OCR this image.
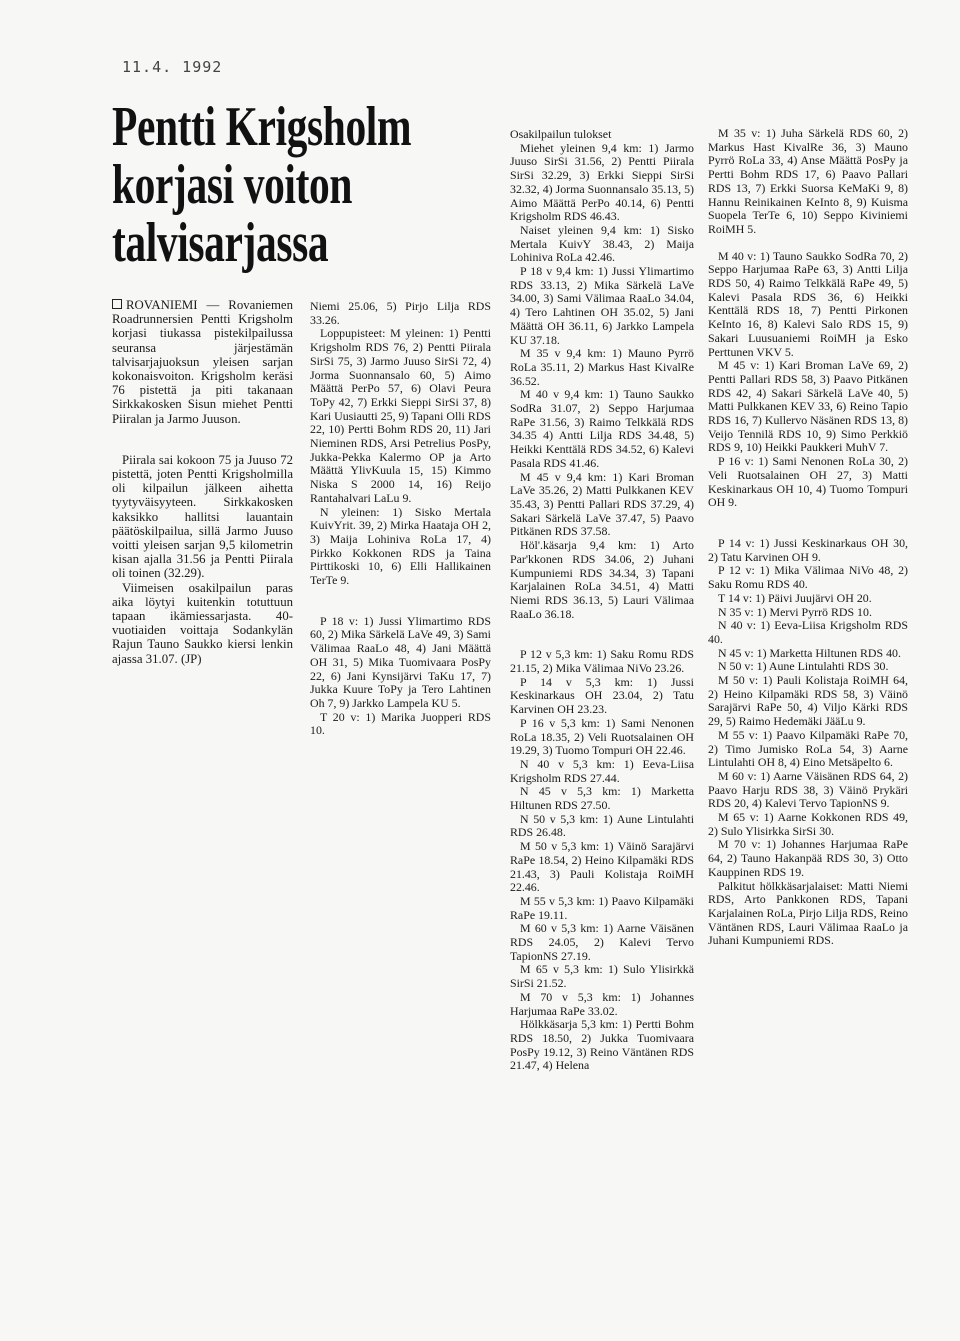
11.4. 1992
Pentti Krigsholm
korjasi voiton
talvisarjassa

ROVANIEMI — Rovaniemen Roadrunnersien Pentti Krigsholm korjasi tiukassa pistekilpailussa seuransa järjestämän talvisarjajuoksun yleisen sarjan kokonaisvoiton. Krigsholm keräsi 76 pistettä ja piti takanaan Sirkkakosken Sisun miehet Pentti Piiralan ja Jarmo Juuson.

Piirala sai kokoon 75 ja Juuso 72 pistettä, joten Pentti Krigsholmilla oli kilpailun jälkeen aihetta tyytyväisyyteen. Sirkkakosken kaksikko hallitsi lauantain päätöskilpailua, sillä Jarmo Juuso voitti yleisen sarjan 9,5 kilometrin kisan ajalla 31.56 ja Pentti Piirala oli toinen (32.29).

Viimeisen osakilpailun paras aika löytyi kuitenkin totuttuun tapaan ikämiessarjasta. 40-vuotiaiden voittaja Sodankylän Rajun Tauno Saukko kiersi lenkin ajassa 31.07. (JP)

Niemi 25.06, 5) Pirjo Lilja RDS 33.26.

Loppupisteet: M yleinen: 1) Pentti Krigsholm RDS 76, 2) Pentti Piirala SirSi 75, 3) Jarmo Juuso SirSi 72, 4) Jorma Suonnansalo 60, 5) Aimo Määttä PerPo 57, 6) Olavi Peura ToPy 42, 7) Erkki Sieppi SirSi 37, 8) Kari Uusiautti 25, 9) Tapani Olli RDS 22, 10) Pertti Bohm RDS 20, 11) Jari Nieminen RDS, Arsi Petrelius PosPy, Jukka-Pekka Kalermo OP ja Arto Määttä YlivKuula 15, 15) Kimmo Niska S 2000 14, 16) Reijo Rantahalvari LaLu 9.

N yleinen: 1) Sisko Mertala KuivYrit. 39, 2) Mirka Haataja OH 2, 3) Maija Lohiniva RoLa 17, 4) Pirkko Kokkonen RDS ja Taina Pirttikoski 10, 6) Elli Hallikainen TerTe 9.

P 18 v: 1) Jussi Ylimartimo RDS 60, 2) Mika Särkelä LaVe 49, 3) Sami Välimaa RaaLo 48, 4) Jani Määttä OH 31, 5) Mika Tuomivaara PosPy 22, 6) Jani Kynsijärvi TaKu 17, 7) Jukka Kuure ToPy ja Tero Lahtinen Oh 7, 9) Jarkko Lampela KU 5.

T 20 v: 1) Marika Juopperi RDS 10.

Osakilpailun tulokset

Miehet yleinen 9,4 km: 1) Jarmo Juuso SirSi 31.56, 2) Pentti Piirala SirSi 32.29, 3) Erkki Sieppi SirSi 32.32, 4) Jorma Suonnansalo 35.13, 5) Aimo Määttä PerPo 40.14, 6) Pentti Krigsholm RDS 46.43.

Naiset yleinen 9,4 km: 1) Sisko Mertala KuivY 38.43, 2) Maija Lohiniva RoLa 42.46.

P 18 v 9,4 km: 1) Jussi Ylimartimo RDS 33.13, 2) Mika Särkelä LaVe 34.00, 3) Sami Välimaa RaaLo 34.04, 4) Tero Lahtinen OH 35.02, 5) Jani Määttä OH 36.11, 6) Jarkko Lampela KU 37.18.

M 35 v 9,4 km: 1) Mauno Pyrrö RoLa 35.11, 2) Markus Hast KivalRe 36.52.

M 40 v 9,4 km: 1) Tauno Saukko SodRa 31.07, 2) Seppo Harjumaa RaPe 31.56, 3) Raimo Telkkälä RDS 34.35 4) Antti Lilja RDS 34.48, 5) Heikki Kenttälä RDS 34.52, 6) Kalevi Pasala RDS 41.46.

M 45 v 9,4 km: 1) Kari Broman LaVe 35.26, 2) Matti Pulkkanen KEV 35.43, 3) Pentti Pallari RDS 37.29, 4) Sakari Särkelä LaVe 37.47, 5) Paavo Pitkänen RDS 37.58.

Höl'.käsarja 9,4 km: 1) Arto Par'kkonen RDS 34.06, 2) Juhani Kumpuniemi RDS 34.34, 3) Tapani Karjalainen RoLa 34.51, 4) Matti Niemi RDS 36.13, 5) Lauri Välimaa RaaLo 36.18.

P 12 v 5,3 km: 1) Saku Romu RDS 21.15, 2) Mika Välimaa NiVo 23.26.

P 14 v 5,3 km: 1) Jussi Keskinarkaus OH 23.04, 2) Tatu Karvinen OH 23.23.

P 16 v 5,3 km: 1) Sami Nenonen RoLa 18.35, 2) Veli Ruotsalainen OH 19.29, 3) Tuomo Tompuri OH 22.46.

N 40 v 5,3 km: 1) Eeva-Liisa Krigsholm RDS 27.44.

N 45 v 5,3 km: 1) Marketta Hiltunen RDS 27.50.

N 50 v 5,3 km: 1) Aune Lintulahti RDS 26.48.

M 50 v 5,3 km: 1) Väinö Sarajärvi RaPe 18.54, 2) Heino Kilpamäki RDS 21.43, 3) Pauli Kolistaja RoiMH 22.46.

M 55 v 5,3 km: 1) Paavo Kilpamäki RaPe 19.11.

M 60 v 5,3 km: 1) Aarne Väisänen RDS 24.05, 2) Kalevi Tervo TapionNS 27.19.

M 65 v 5,3 km: 1) Sulo Ylisirkkä SirSi 21.52.

M 70 v 5,3 km: 1) Johannes Harjumaa RaPe 33.02.

Hölkkäsarja 5,3 km: 1) Pertti Bohm RDS 18.50, 2) Jukka Tuomivaara PosPy 19.12, 3) Reino Väntänen RDS 21.47, 4) Helena

M 35 v: 1) Juha Särkelä RDS 60, 2) Markus Hast KivalRe 36, 3) Mauno Pyrrö RoLa 33, 4) Anse Määttä PosPy ja Pertti Bohm RDS 17, 6) Paavo Pallari RDS 13, 7) Erkki Suorsa KeMaKi 9, 8) Hannu Reinikainen KeInto 8, 9) Kuisma Suopela TerTe 6, 10) Seppo Kiviniemi RoiMH 5.

M 40 v: 1) Tauno Saukko SodRa 70, 2) Seppo Harjumaa RaPe 63, 3) Antti Lilja RDS 50, 4) Raimo Telkkälä RaPe 49, 5) Kalevi Pasala RDS 36, 6) Heikki Kenttälä RDS 18, 7) Pentti Pirkonen KeInto 16, 8) Kalevi Salo RDS 15, 9) Sakari Luusuaniemi RoiMH ja Esko Perttunen VKV 5.

M 45 v: 1) Kari Broman LaVe 69, 2) Pentti Pallari RDS 58, 3) Paavo Pitkänen RDS 42, 4) Sakari Särkelä LaVe 40, 5) Matti Pulkkanen KEV 33, 6) Reino Tapio RDS 16, 7) Kullervo Näsänen RDS 13, 8) Veijo Tennilä RDS 10, 9) Simo Perkkiö RDS 9, 10) Heikki Paukkeri MuhV 7.

P 16 v: 1) Sami Nenonen RoLa 30, 2) Veli Ruotsalainen OH 27, 3) Matti Keskinarkaus OH 10, 4) Tuomo Tompuri OH 9.

P 14 v: 1) Jussi Keskinarkaus OH 30, 2) Tatu Karvinen OH 9.

P 12 v: 1) Mika Välimaa NiVo 48, 2) Saku Romu RDS 40.

T 14 v: 1) Päivi Juujärvi OH 20.

N 35 v: 1) Mervi Pyrrö RDS 10.

N 40 v: 1) Eeva-Liisa Krigsholm RDS 40.

N 45 v: 1) Marketta Hiltunen RDS 40.

N 50 v: 1) Aune Lintulahti RDS 30.

M 50 v: 1) Pauli Kolistaja RoiMH 64, 2) Heino Kilpamäki RDS 58, 3) Väinö Sarajärvi RaPe 50, 4) Viljo Kärki RDS 29, 5) Raimo Hedemäki JääLu 9.

M 55 v: 1) Paavo Kilpamäki RaPe 70, 2) Timo Jumisko RoLa 54, 3) Aarne Lintulahti OH 8, 4) Eino Metsäpelto 6.

M 60 v: 1) Aarne Väisänen RDS 64, 2) Paavo Harju RDS 38, 3) Väinö Prykäri RDS 20, 4) Kalevi Tervo TapionNS 9.

M 65 v: 1) Aarne Kokkonen RDS 49, 2) Sulo Ylisirkka SirSi 30.

M 70 v: 1) Johannes Harjumaa RaPe 64, 2) Tauno Hakanpää RDS 30, 3) Otto Kauppinen RDS 19.

Palkitut hölkkäsarjalaiset: Matti Niemi RDS, Arto Pankkonen RDS, Tapani Karjalainen RoLa, Pirjo Lilja RDS, Reino Väntänen RDS, Lauri Välimaa RaaLo ja Juhani Kumpuniemi RDS.
